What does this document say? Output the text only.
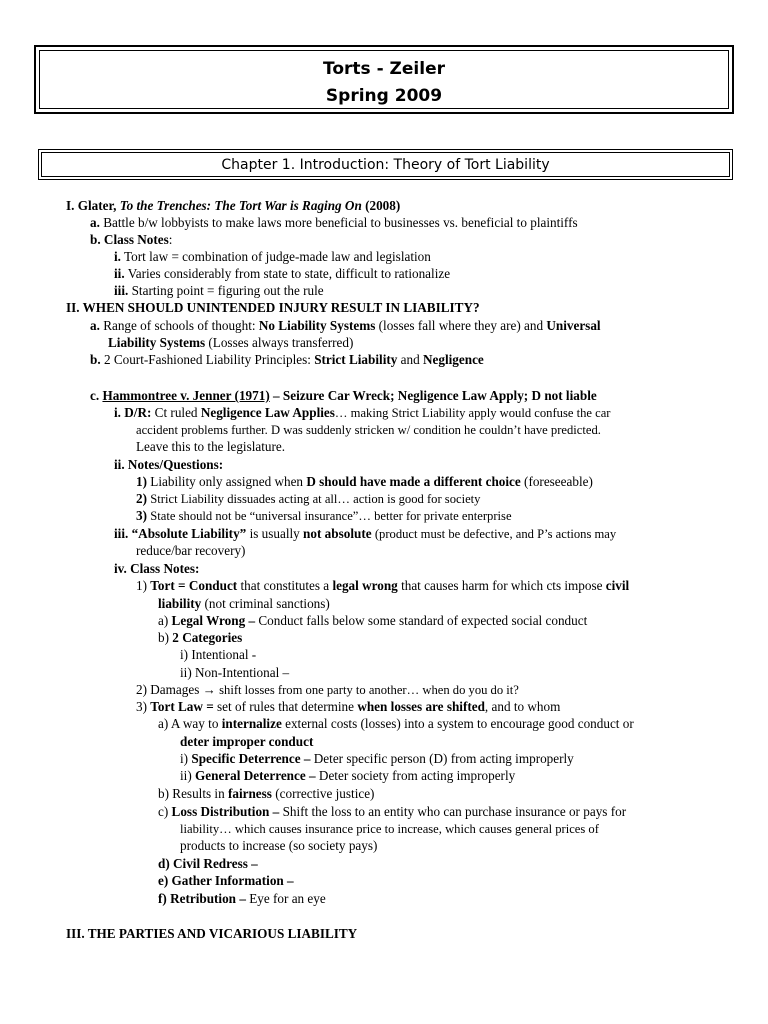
Torts - Zeiler
Spring 2009
Chapter 1. Introduction: Theory of Tort Liability
I. Glater, To the Trenches: The Tort War is Raging On (2008)
a. Battle b/w lobbyists to make laws more beneficial to businesses vs. beneficial to plaintiffs
b. Class Notes:
i. Tort law = combination of judge-made law and legislation
ii. Varies considerably from state to state, difficult to rationalize
iii. Starting point = figuring out the rule
II. WHEN SHOULD UNINTENDED INJURY RESULT IN LIABILITY?
a. Range of schools of thought: No Liability Systems (losses fall where they are) and Universal
Liability Systems (Losses always transferred)
b. 2 Court-Fashioned Liability Principles: Strict Liability and Negligence
c. Hammontree v. Jenner (1971) – Seizure Car Wreck; Negligence Law Apply; D not liable
i. D/R: Ct ruled Negligence Law Applies… making Strict Liability apply would confuse the car
accident problems further. D was suddenly stricken w/ condition he couldn’t have predicted.
Leave this to the legislature.
ii. Notes/Questions:
1) Liability only assigned when D should have made a different choice (foreseeable)
2) Strict Liability dissuades acting at all… action is good for society
3) State should not be “universal insurance”… better for private enterprise
iii. “Absolute Liability” is usually not absolute (product must be defective, and P’s actions may
reduce/bar recovery)
iv. Class Notes:
1) Tort = Conduct that constitutes a legal wrong that causes harm for which cts impose civil
liability (not criminal sanctions)
a) Legal Wrong – Conduct falls below some standard of expected social conduct
b) 2 Categories
i) Intentional -
ii) Non-Intentional –
2) Damages → shift losses from one party to another… when do you do it?
3) Tort Law = set of rules that determine when losses are shifted, and to whom
a) A way to internalize external costs (losses) into a system to encourage good conduct or
deter improper conduct
i) Specific Deterrence – Deter specific person (D) from acting improperly
ii) General Deterrence – Deter society from acting improperly
b) Results in fairness (corrective justice)
c) Loss Distribution – Shift the loss to an entity who can purchase insurance or pays for
liability… which causes insurance price to increase, which causes general prices of
products to increase (so society pays)
d) Civil Redress –
e) Gather Information –
f) Retribution – Eye for an eye
III. THE PARTIES AND VICARIOUS LIABILITY
